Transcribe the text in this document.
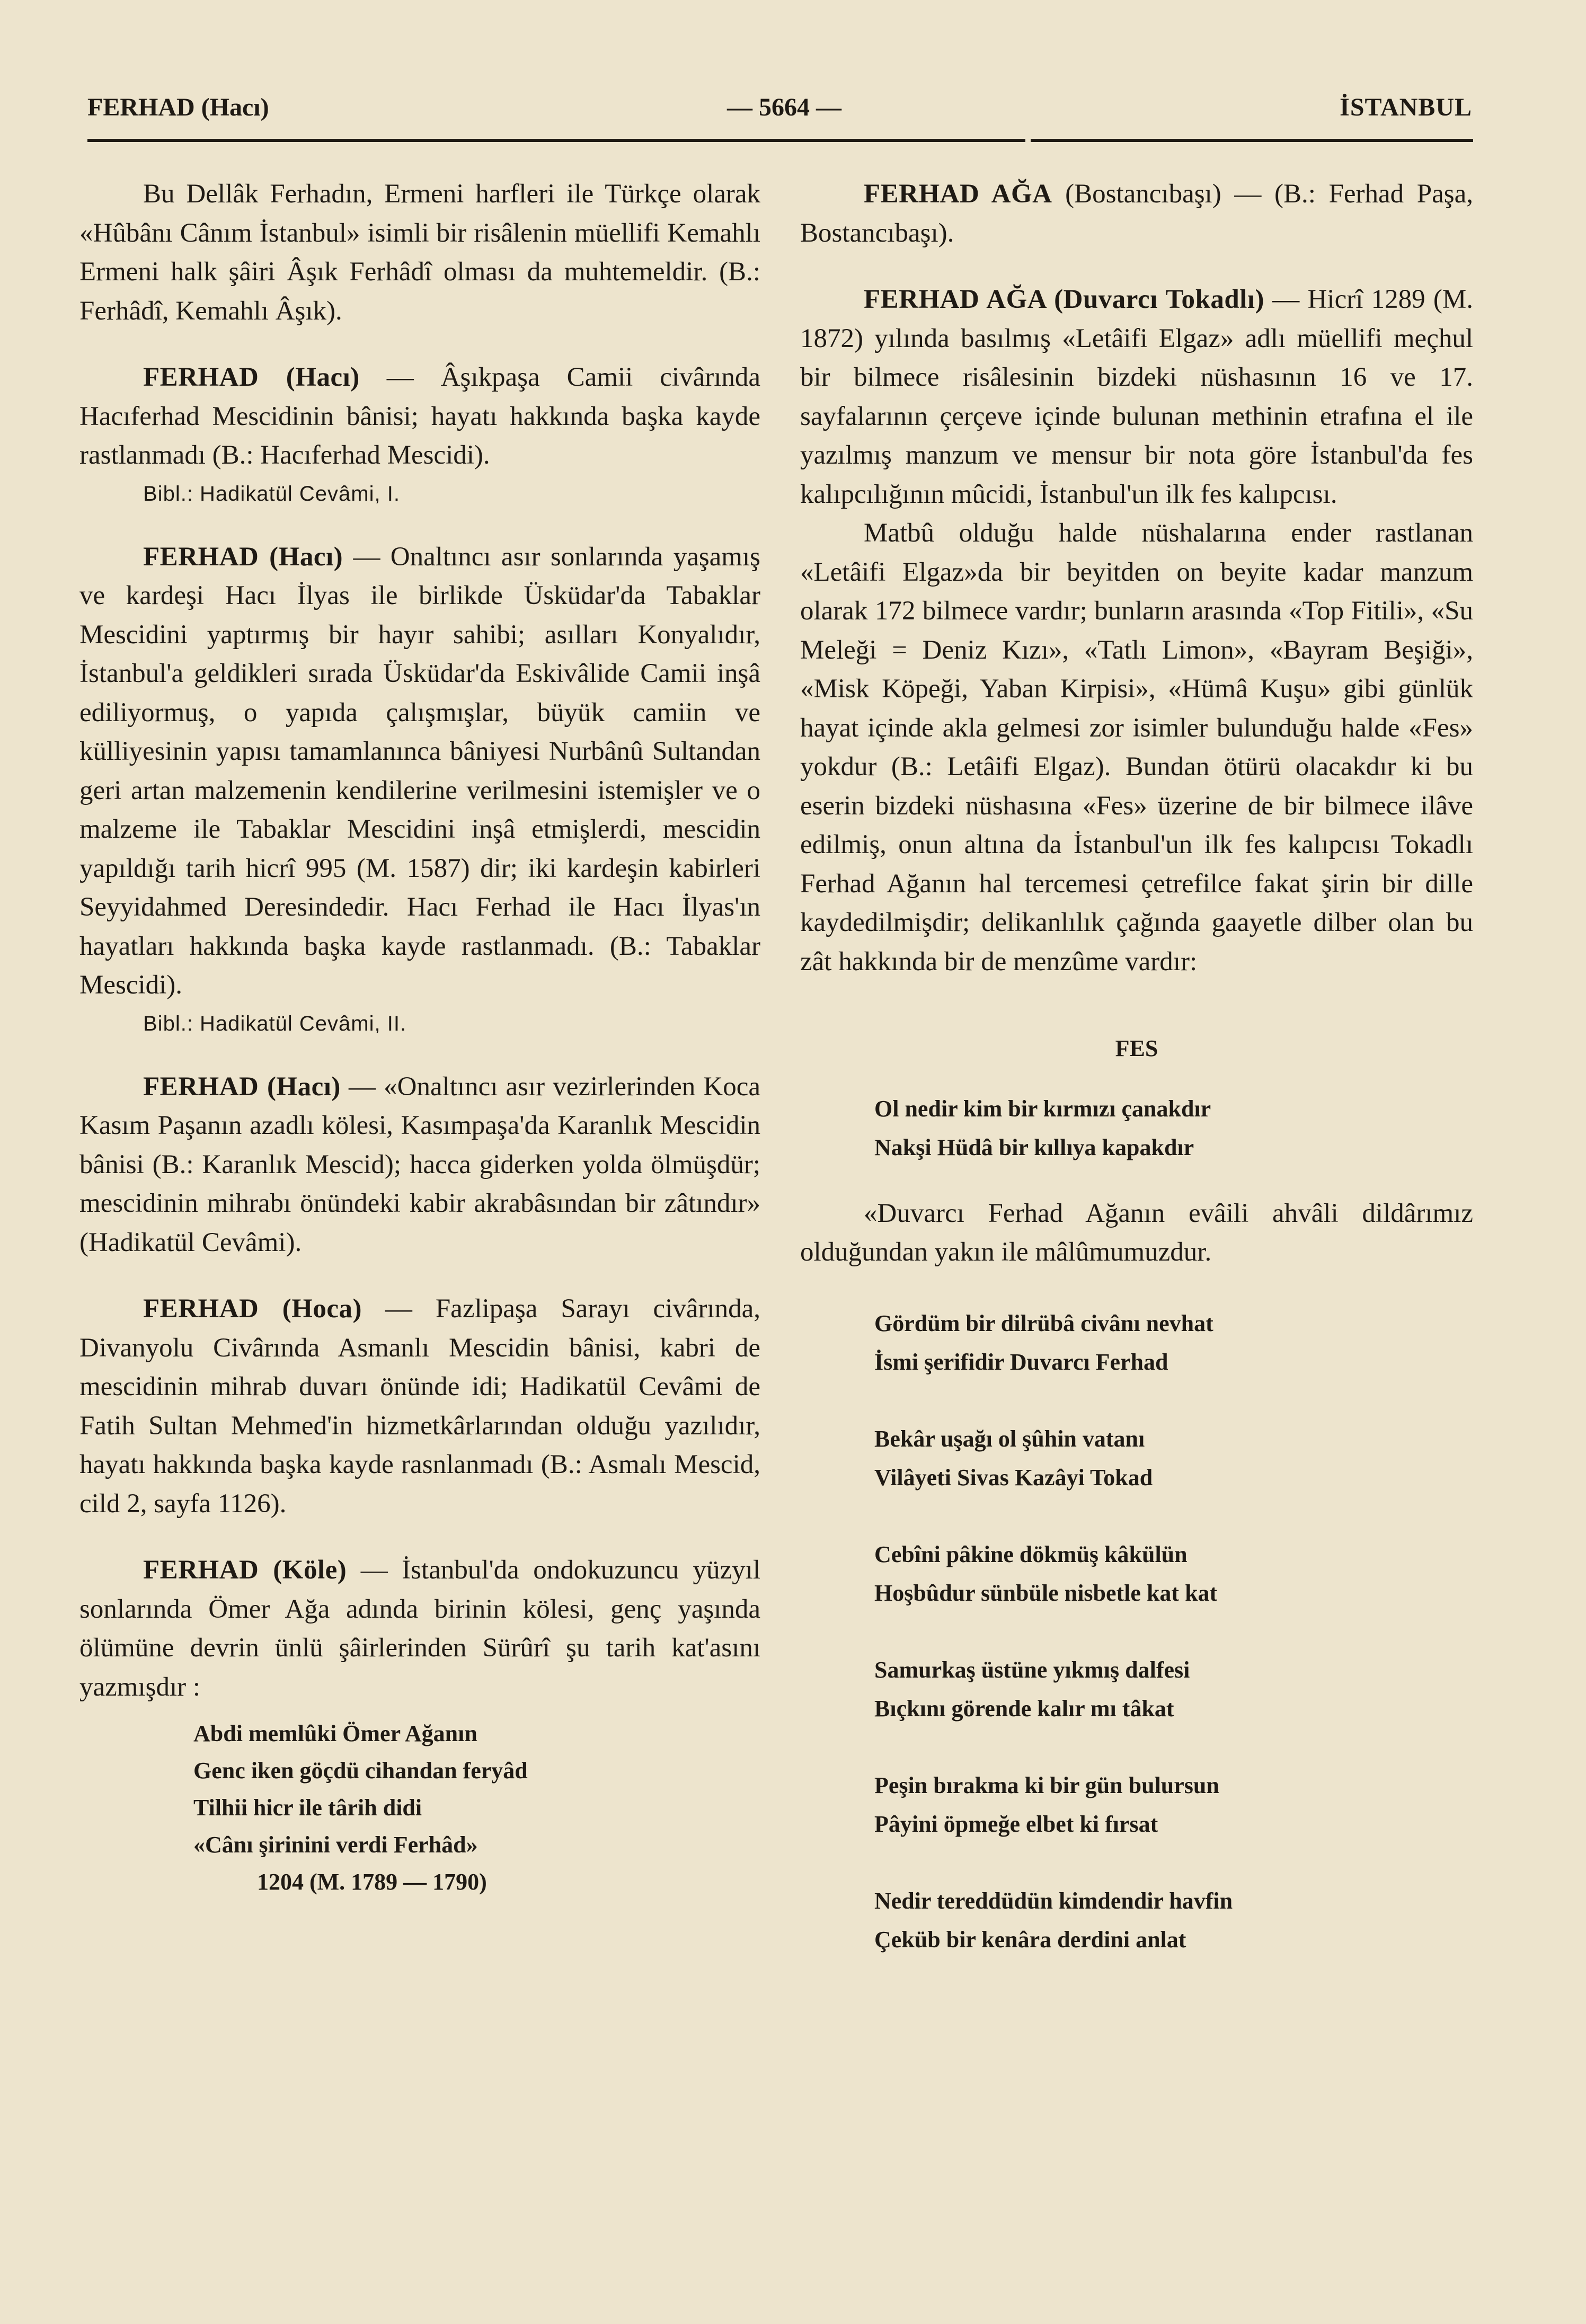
FERHAD (Hacı)	— 5664 —	İSTANBUL

Bu Dellâk Ferhadın, Ermeni harfleri ile Türkçe olarak «Hûbânı Cânım İstanbul» isimli bir risâlenin müellifi Kemahlı Ermeni halk şâiri Âşık Ferhâdî olması da muhtemeldir. (B.: Ferhâdî, Kemahlı Âşık).

FERHAD (Hacı) — Âşıkpaşa Camii civârında Hacıferhad Mescidinin bânisi; hayatı hakkında başka kayde rastlanmadı (B.: Hacıferhad Mescidi).

Bibl.: Hadikatül Cevâmi, I.

FERHAD (Hacı) — Onaltıncı asır sonlarında yaşamış ve kardeşi Hacı İlyas ile birlikde Üsküdar'da Tabaklar Mescidini yaptırmış bir hayır sahibi; asılları Konyalıdır, İstanbul'a geldikleri sırada Üsküdar'da Eskivâlide Camii inşâ ediliyormuş, o yapıda çalışmışlar, büyük camiin ve külliyesinin yapısı tamamlanınca bâniyesi Nurbânû Sultandan geri artan malzemenin kendilerine verilmesini istemişler ve o malzeme ile Tabaklar Mescidini inşâ etmişlerdi, mescidin yapıldığı tarih hicrî 995 (M. 1587) dir; iki kardeşin kabirleri Seyyidahmed Deresindedir. Hacı Ferhad ile Hacı İlyas'ın hayatları hakkında başka kayde rastlanmadı. (B.: Tabaklar Mescidi).

Bibl.: Hadikatül Cevâmi, II.

FERHAD (Hacı) — «Onaltıncı asır vezirlerinden Koca Kasım Paşanın azadlı kölesi, Kasımpaşa'da Karanlık Mescidin bânisi (B.: Karanlık Mescid); hacca giderken yolda ölmüşdür; mescidinin mihrabı önündeki kabir akrabâsından bir zâtındır» (Hadikatül Cevâmi).

FERHAD (Hoca) — Fazlipaşa Sarayı civârında, Divanyolu Civârında Asmanlı Mescidin bânisi, kabri de mescidinin mihrab duvarı önünde idi; Hadikatül Cevâmi de Fatih Sultan Mehmed'in hizmetkârlarından olduğu yazılıdır, hayatı hakkında başka kayde rasnlanmadı (B.: Asmalı Mescid, cild 2, sayfa 1126).

FERHAD (Köle) — İstanbul'da ondokuzuncu yüzyıl sonlarında Ömer Ağa adında birinin kölesi, genç yaşında ölümüne devrin ünlü şâirlerinden Sürûrî şu tarih kat'asını yazmışdır :

Abdi memlûki Ömer Ağanın
Genc iken göçdü cihandan feryâd
Tilhii hicr ile târih didi
«Cânı şirinini verdi Ferhâd»
1204 (M. 1789 — 1790)

FERHAD AĞA (Bostancıbaşı) — (B.: Ferhad Paşa, Bostancıbaşı).

FERHAD AĞA (Duvarcı Tokadlı) — Hicrî 1289 (M. 1872) yılında basılmış «Letâifi Elgaz» adlı müellifi meçhul bir bilmece risâlesinin bizdeki nüshasının 16 ve 17. sayfalarının çerçeve içinde bulunan methinin etrafına el ile yazılmış manzum ve mensur bir nota göre İstanbul'da fes kalıpcılığının mûcidi, İstanbul'un ilk fes kalıpcısı.

Matbû olduğu halde nüshalarına ender rastlanan «Letâifi Elgaz»da bir beyitden on beyite kadar manzum olarak 172 bilmece vardır; bunların arasında «Top Fitili», «Su Meleği = Deniz Kızı», «Tatlı Limon», «Bayram Beşiği», «Misk Köpeği, Yaban Kirpisi», «Hümâ Kuşu» gibi günlük hayat içinde akla gelmesi zor isimler bulunduğu halde «Fes» yokdur (B.: Letâifi Elgaz). Bundan ötürü olacakdır ki bu eserin bizdeki nüshasına «Fes» üzerine de bir bilmece ilâve edilmiş, onun altına da İstanbul'un ilk fes kalıpcısı Tokadlı Ferhad Ağanın hal tercemesi çetrefilce fakat şirin bir dille kaydedilmişdir; delikanlılık çağında gaayetle dilber olan bu zât hakkında bir de menzûme vardır:

FES
Ol nedir kim bir kırmızı çanakdır
Nakşi Hüdâ bir kıllıya kapakdır

«Duvarcı Ferhad Ağanın evâili ahvâli dildârımız olduğundan yakın ile mâlûmumuzdur.

Gördüm bir dilrübâ civânı nevhat
İsmi şerifidir Duvarcı Ferhad
Bekâr uşağı ol şûhin vatanı
Vilâyeti Sivas Kazâyi Tokad
Cebîni pâkine dökmüş kâkülün
Hoşbûdur sünbüle nisbetle kat kat
Samurkaş üstüne yıkmış dalfesi
Bıçkını görende kalır mı tâkat
Peşin bırakma ki bir gün bulursun
Pâyini öpmeğe elbet ki fırsat
Nedir tereddüdün kimdendir havfin
Çeküb bir kenâra derdini anlat
